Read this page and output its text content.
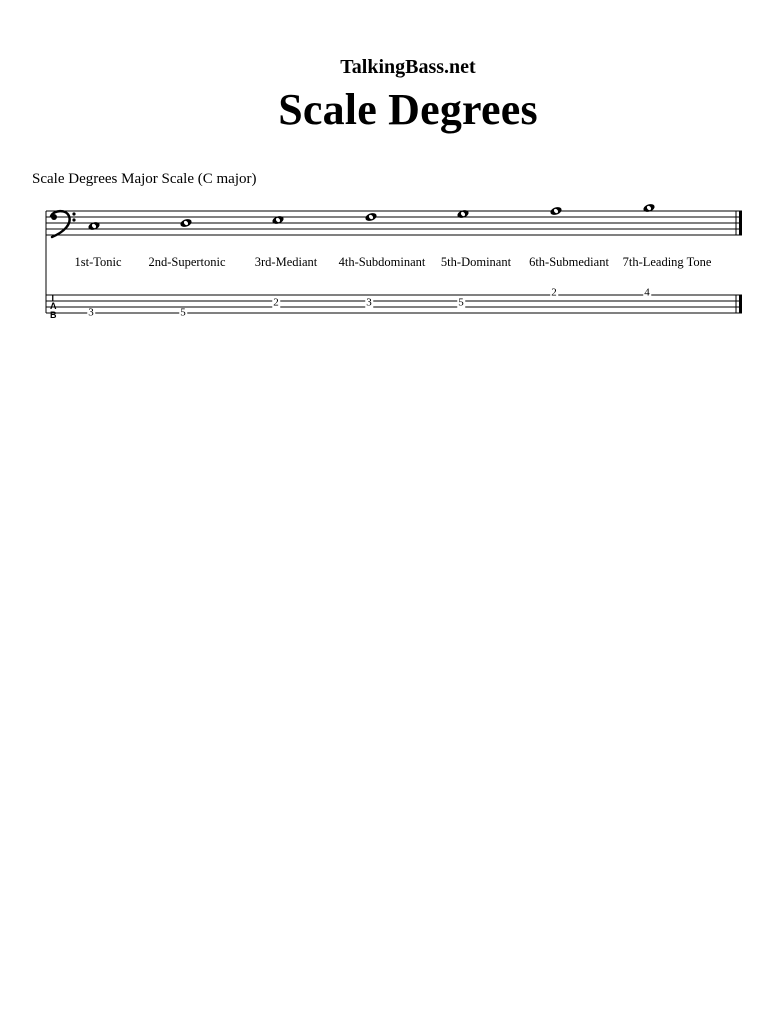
TalkingBass.net
Scale Degrees
Scale Degrees Major Scale (C major)
T
A
B
1st-Tonic 2nd-Supertonic 3rd-Mediant 4th-Subdominant 5th-Dominant 6th-Submediant 7th-Leading Tone
3	5
2	3	5
2	4
